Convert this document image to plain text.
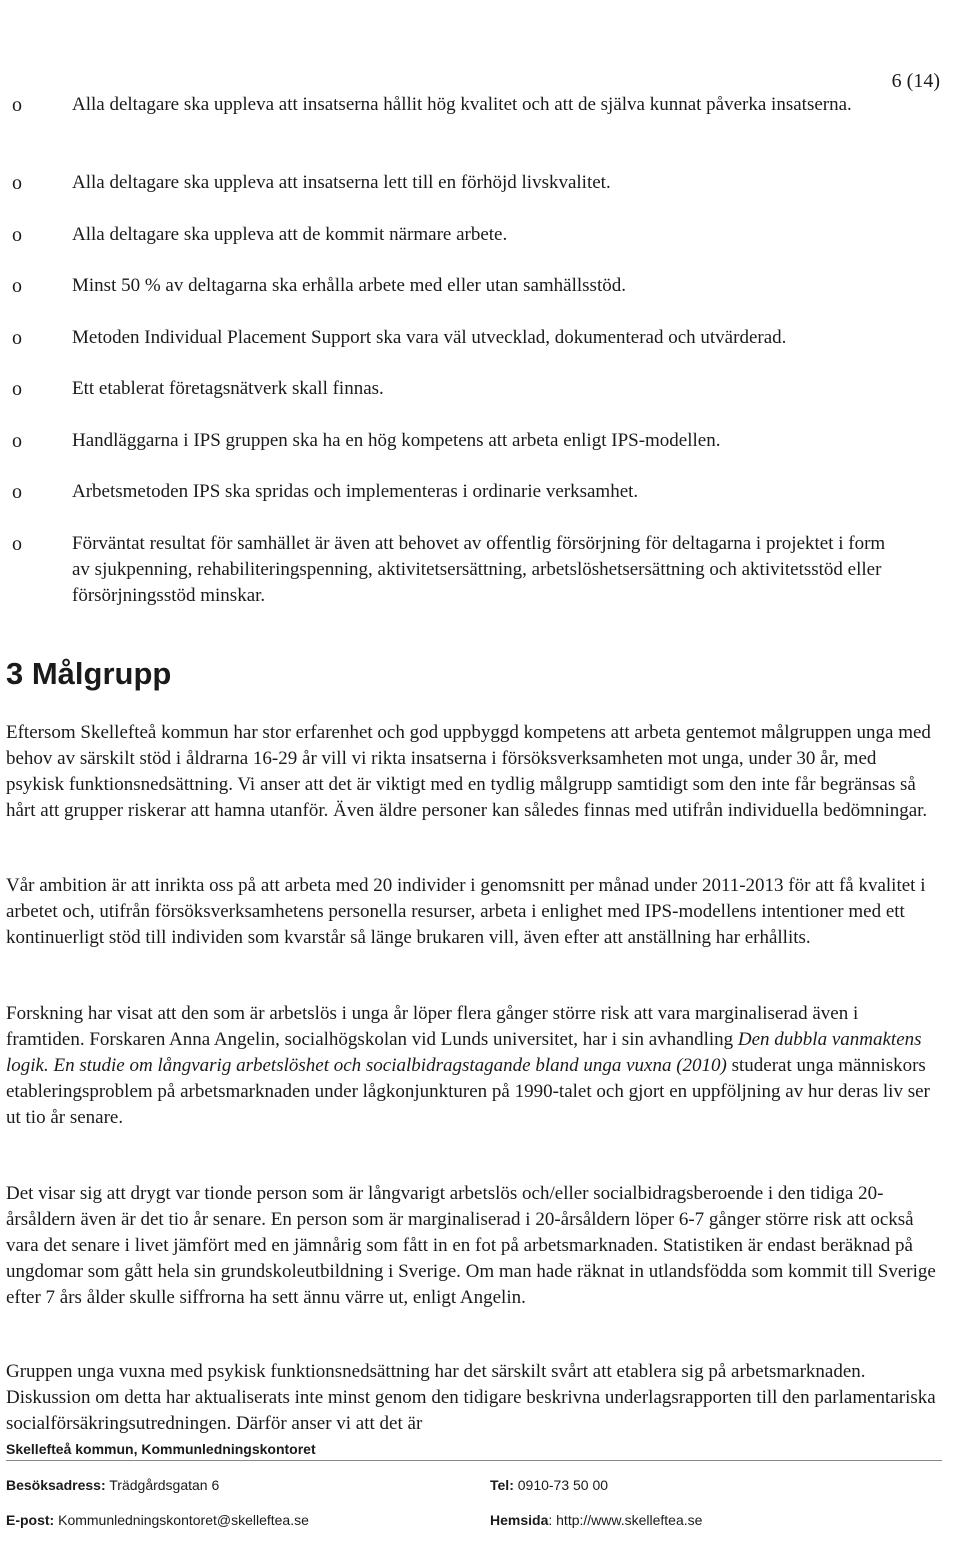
6 (14)
o	Alla deltagare ska uppleva att insatserna hållit hög kvalitet och att de själva kunnat påverka insatserna.
o	Alla deltagare ska uppleva att insatserna lett till en förhöjd livskvalitet.
o	Alla deltagare ska uppleva att de kommit närmare arbete.
o	Minst 50 % av deltagarna ska erhålla arbete med eller utan samhällsstöd.
o	Metoden Individual Placement Support ska vara väl utvecklad, dokumenterad och utvärderad.
o	Ett etablerat företagsnätverk skall finnas.
o	Handläggarna i IPS gruppen ska ha en hög kompetens att arbeta enligt IPS-modellen.
o	Arbetsmetoden IPS ska spridas och implementeras i ordinarie verksamhet.
o	Förväntat resultat för samhället är även att behovet av offentlig försörjning för deltagarna i projektet i form av sjukpenning, rehabiliteringspenning, aktivitetsersättning, arbetslöshetsersättning och aktivitetsstöd eller försörjningsstöd minskar.
3 Målgrupp
Eftersom Skellefteå kommun har stor erfarenhet och god uppbyggd kompetens att arbeta gentemot målgruppen unga med behov av särskilt stöd i åldrarna 16-29 år vill vi rikta insatserna i försöksverksamheten mot unga, under 30 år, med psykisk funktionsnedsättning. Vi anser att det är viktigt med en tydlig målgrupp samtidigt som den inte får begränsas så hårt att grupper riskerar att hamna utanför. Även äldre personer kan således finnas med utifrån individuella bedömningar.
Vår ambition är att inrikta oss på att arbeta med 20 individer i genomsnitt per månad under 2011-2013 för att få kvalitet i arbetet och, utifrån försöksverksamhetens personella resurser, arbeta i enlighet med IPS-modellens intentioner med ett kontinuerligt stöd till individen som kvarstår så länge brukaren vill, även efter att anställning har erhållits.
Forskning har visat att den som är arbetslös i unga år löper flera gånger större risk att vara marginaliserad även i framtiden. Forskaren Anna Angelin, socialhögskolan vid Lunds universitet, har i sin avhandling Den dubbla vanmaktens logik. En studie om långvarig arbetslöshet och socialbidragstagande bland unga vuxna (2010) studerat unga människors etableringsproblem på arbetsmarknaden under lågkonjunkturen på 1990-talet och gjort en uppföljning av hur deras liv ser ut tio år senare.
Det visar sig att drygt var tionde person som är långvarigt arbetslös och/eller socialbidragsberoende i den tidiga 20-årsåldern även är det tio år senare. En person som är marginaliserad i 20-årsåldern löper 6-7 gånger större risk att också vara det senare i livet jämfört med en jämnårig som fått in en fot på arbetsmarknaden. Statistiken är endast beräknad på ungdomar som gått hela sin grundskoleutbildning i Sverige. Om man hade räknat in utlandsfödda som kommit till Sverige efter 7 års ålder skulle siffrorna ha sett ännu värre ut, enligt Angelin.
Gruppen unga vuxna med psykisk funktionsnedsättning har det särskilt svårt att etablera sig på arbetsmarknaden. Diskussion om detta har aktualiserats inte minst genom den tidigare beskrivna underlagsrapporten till den parlamentariska socialförsäkringsutredningen. Därför anser vi att det är
Skellefteå kommun, Kommunledningskontoret
Besöksadress: Trädgårdsgatan 6	Tel: 0910-73 50 00
E-post: Kommunledningskontoret@skelleftea.se	Hemsida: http://www.skelleftea.se
